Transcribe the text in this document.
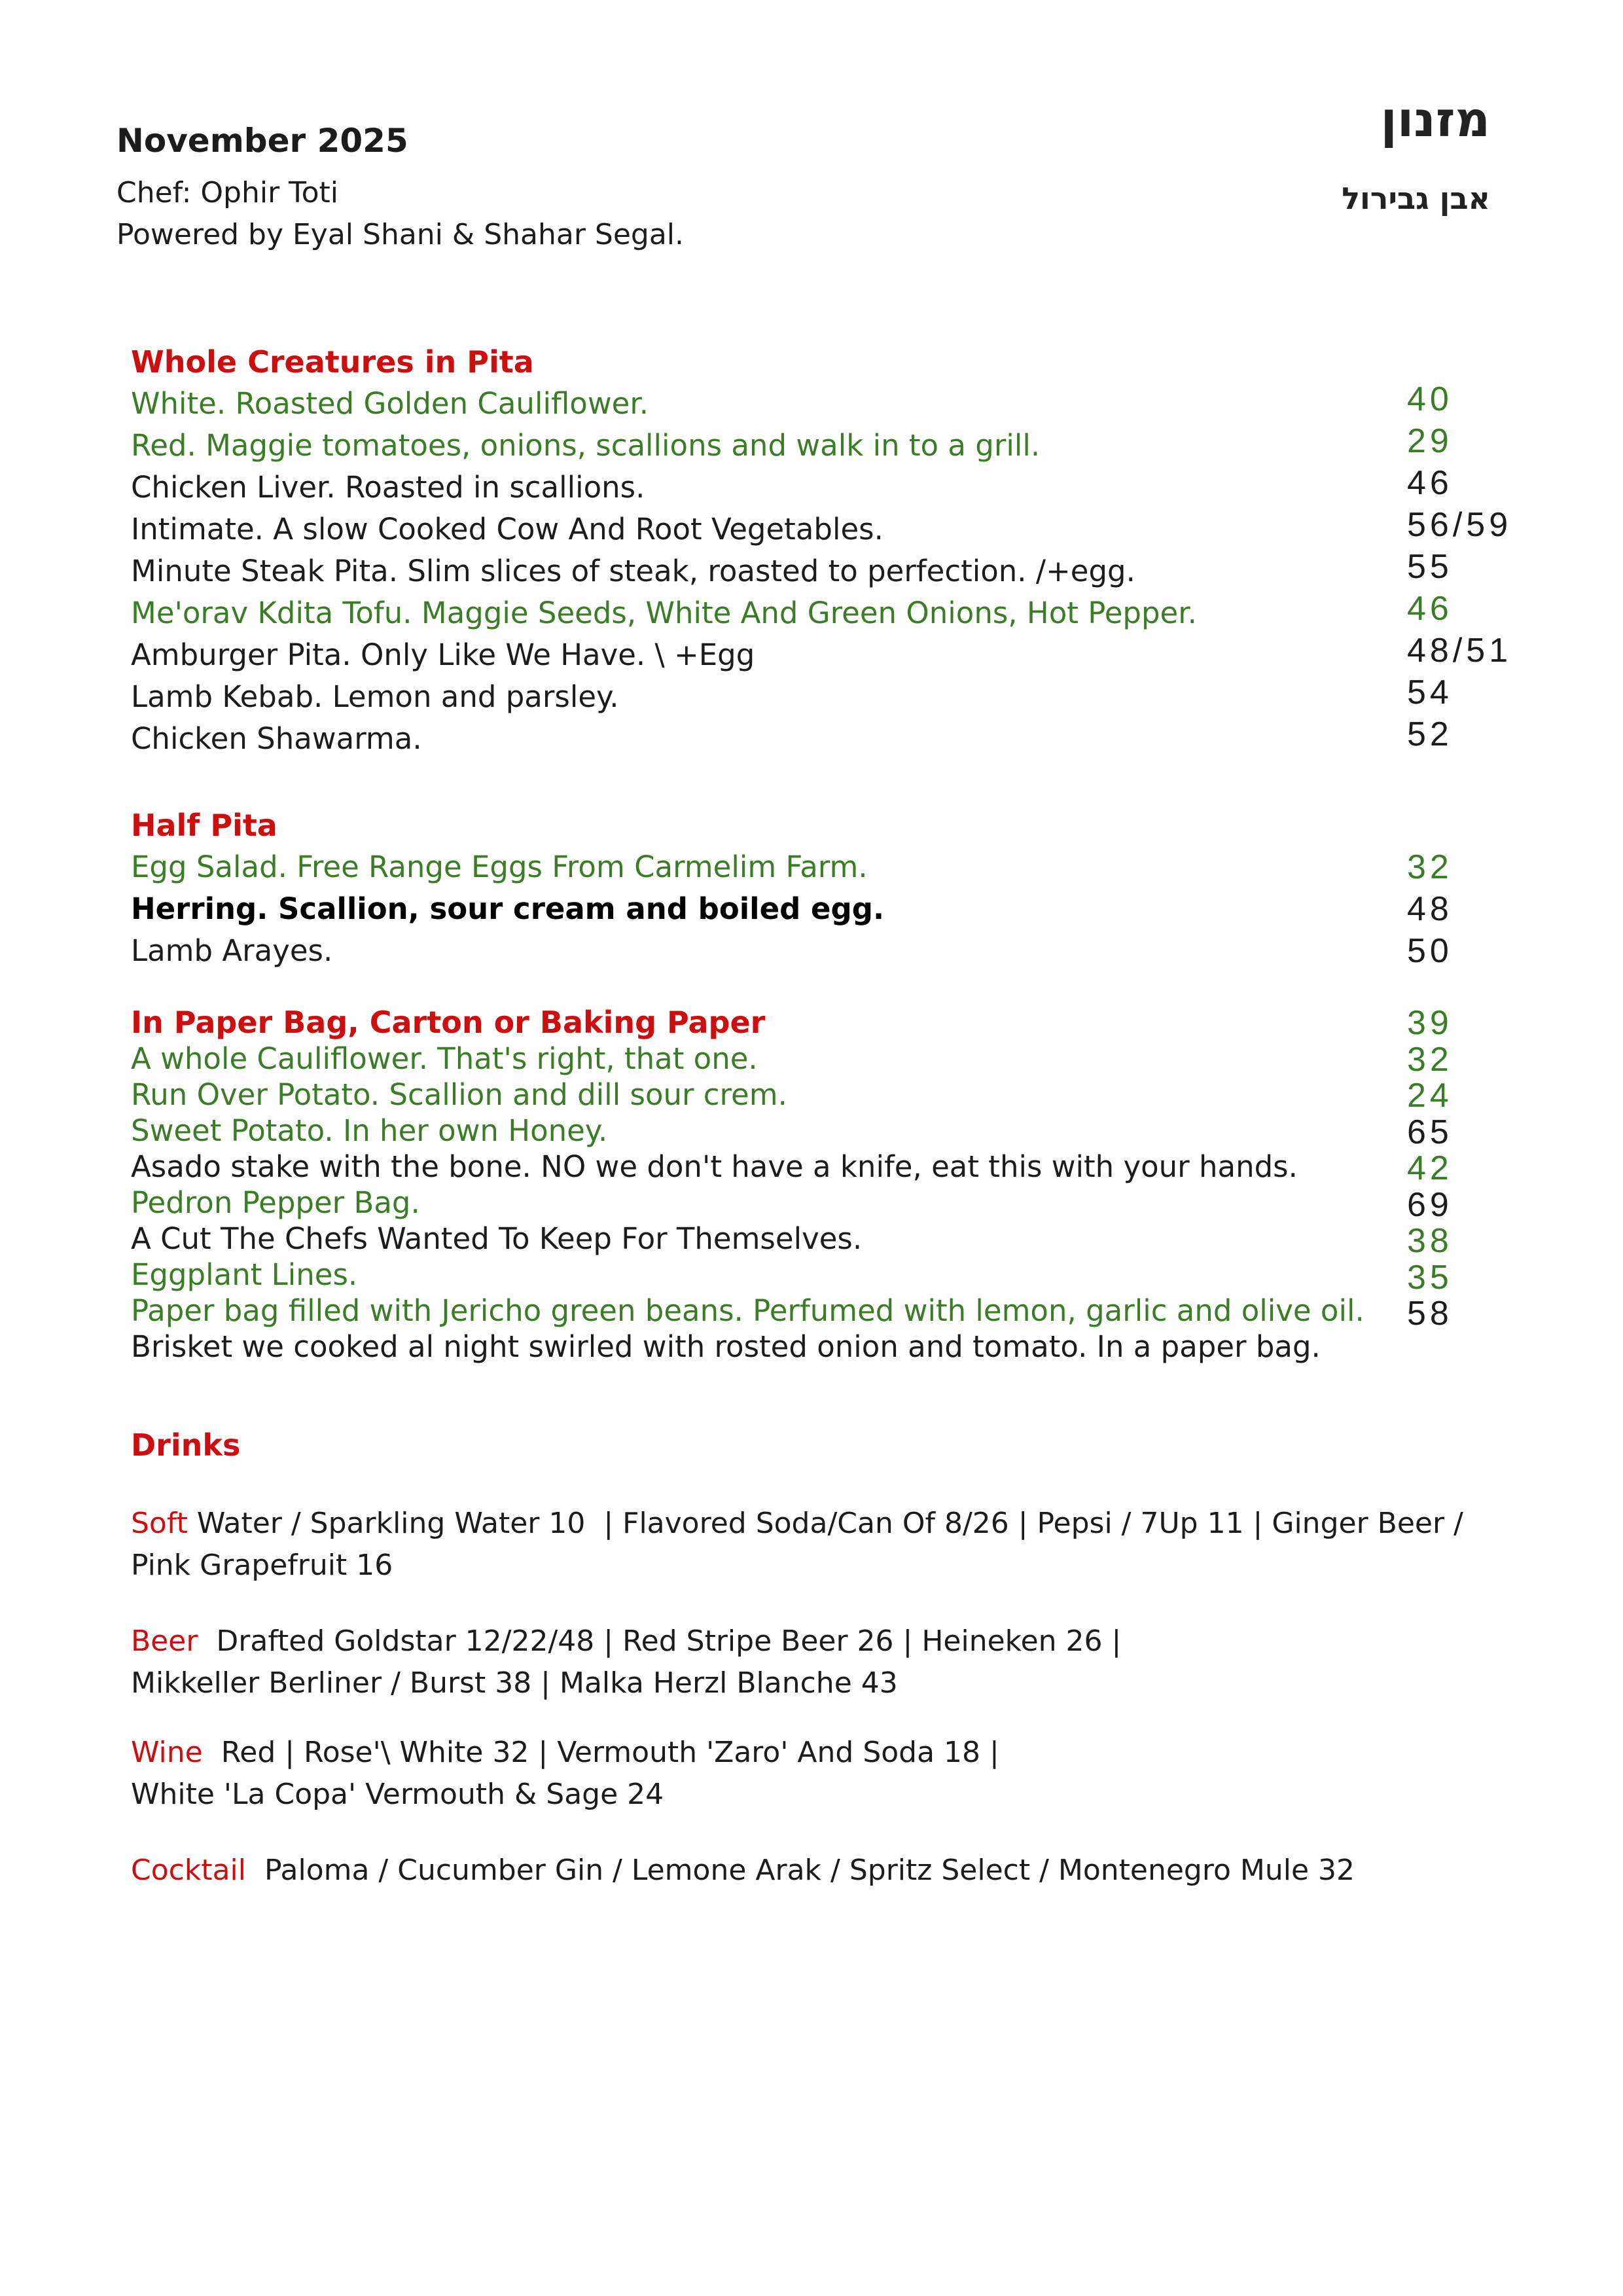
November 2025
Chef: Ophir Toti
Powered by Eyal Shani & Shahar Segal.
מזנון
אבן גבירול
Whole Creatures in Pita
White. Roasted Golden Cauliflower.
Red. Maggie tomatoes, onions, scallions and walk in to a grill.
Chicken Liver. Roasted in scallions.
Intimate. A slow Cooked Cow And Root Vegetables.
Minute Steak Pita. Slim slices of steak, roasted to perfection. /+egg.
Me'orav Kdita Tofu. Maggie Seeds, White And Green Onions, Hot Pepper.
Amburger Pita. Only Like We Have. \ +Egg
Lamb Kebab. Lemon and parsley.
Chicken Shawarma.
Half Pita
Egg Salad. Free Range Eggs From Carmelim Farm.
Herring. Scallion, sour cream and boiled egg.
Lamb Arayes.
In Paper Bag, Carton or Baking Paper
A whole Cauliflower. That's right, that one.
Run Over Potato. Scallion and dill sour crem.
Sweet Potato. In her own Honey.
Asado stake with the bone. NO we don't have a knife, eat this with your hands.
Pedron Pepper Bag.
A Cut The Chefs Wanted To Keep For Themselves.
Eggplant Lines.
Paper bag filled with Jericho green beans. Perfumed with lemon, garlic and olive oil.
Brisket we cooked al night swirled with rosted onion and tomato. In a paper bag.
40
29
46
56/59
55
46
48/51
54
52
32
48
50
39
32
24
65
42
69
38
35
58
Drinks
Soft Water / Sparkling Water 10  | Flavored Soda/Can Of 8/26 | Pepsi / 7Up 11 | Ginger Beer /
Pink Grapefruit 16
Beer  Drafted Goldstar 12/22/48 | Red Stripe Beer 26 | Heineken 26 |
Mikkeller Berliner / Burst 38 | Malka Herzl Blanche 43
Wine  Red | Rose'\ White 32 | Vermouth 'Zaro' And Soda 18 |
White 'La Copa' Vermouth & Sage 24
Cocktail  Paloma / Cucumber Gin / Lemone Arak / Spritz Select / Montenegro Mule 32
